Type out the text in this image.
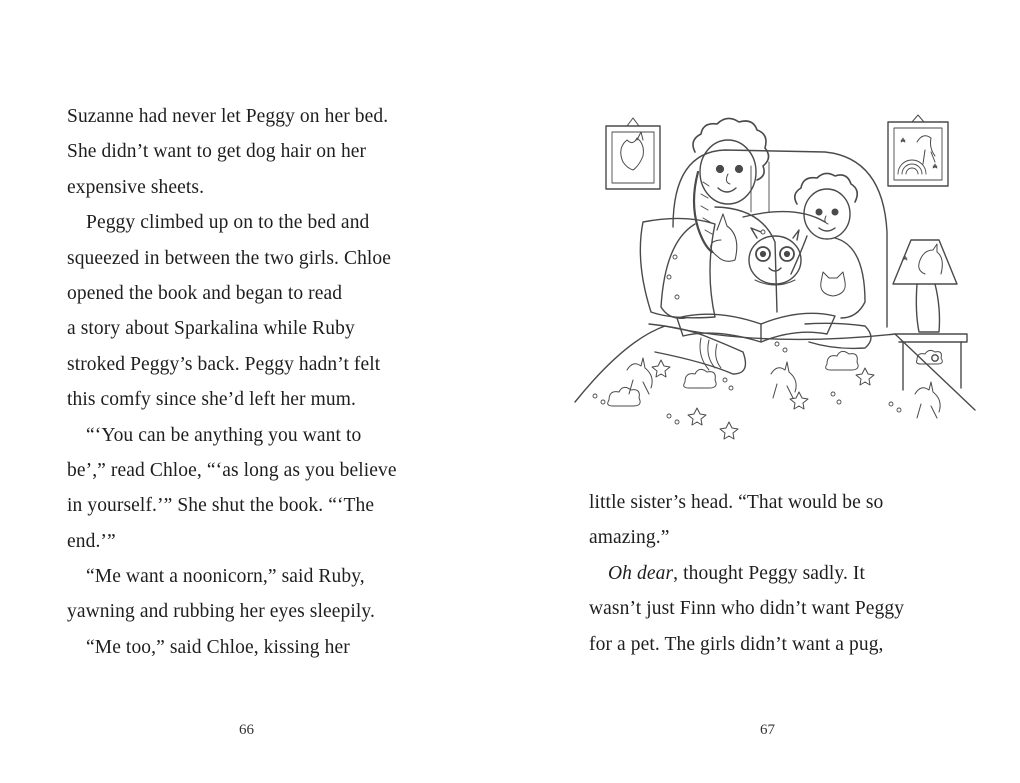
Suzanne had never let Peggy on her bed.
She didn’t want to get dog hair on her
expensive sheets.
Peggy climbed up on to the bed and
squeezed in between the two girls. Chloe
opened the book and began to read
a story about Sparkalina while Ruby
stroked Peggy’s back. Peggy hadn’t felt
this comfy since she’d left her mum.
“‘You can be anything you want to
be’,” read Chloe, “‘as long as you believe
in yourself.’” She shut the book. “‘The
end.’”
“Me want a noonicorn,” said Ruby,
yawning and rubbing her eyes sleepily.
“Me too,” said Chloe, kissing her
66
little sister’s head. “That would be so
amazing.”
Oh dear, thought Peggy sadly. It
wasn’t just Finn who didn’t want Peggy
for a pet. The girls didn’t want a pug,
67
